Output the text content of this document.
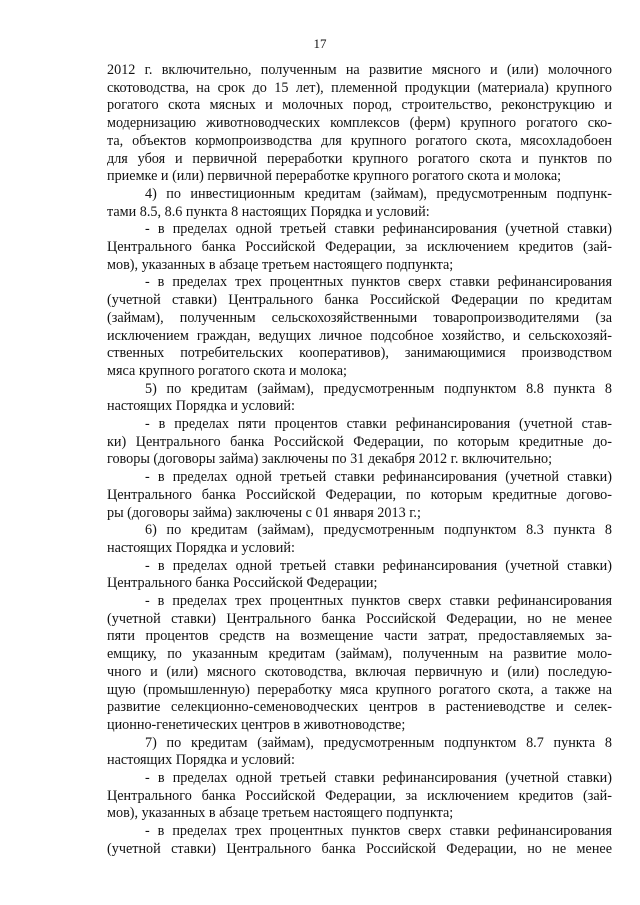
17
2012 г. включительно, полученным на развитие мясного и (или) молочного
скотоводства, на срок до 15 лет), племенной продукции (материала) крупного
рогатого скота мясных и молочных пород, строительство, реконструкцию и
модернизацию животноводческих комплексов (ферм) крупного рогатого ско-
та, объектов кормопроизводства для крупного рогатого скота, мясохладобоен
для убоя и первичной переработки крупного рогатого скота и пунктов по
приемке и (или) первичной переработке крупного рогатого скота и молока;
4) по инвестиционным кредитам (займам), предусмотренным подпунк-
тами 8.5, 8.6 пункта 8 настоящих Порядка и условий:
- в пределах одной третьей ставки рефинансирования (учетной ставки)
Центрального банка Российской Федерации, за исключением кредитов (зай-
мов), указанных в абзаце третьем настоящего подпункта;
- в пределах трех процентных пунктов сверх ставки рефинансирования
(учетной ставки) Центрального банка Российской Федерации по кредитам
(займам), полученным сельскохозяйственными товаропроизводителями (за
исключением граждан, ведущих личное подсобное хозяйство, и сельскохозяй-
ственных потребительских кооперативов), занимающимися производством
мяса крупного рогатого скота и молока;
5) по кредитам (займам), предусмотренным подпунктом 8.8 пункта 8
настоящих Порядка и условий:
- в пределах пяти процентов ставки рефинансирования (учетной став-
ки) Центрального банка Российской Федерации, по которым кредитные до-
говоры (договоры займа) заключены по 31 декабря 2012 г. включительно;
- в пределах одной третьей ставки рефинансирования (учетной ставки)
Центрального банка Российской Федерации, по которым кредитные догово-
ры (договоры займа) заключены с 01 января 2013 г.;
6) по кредитам (займам), предусмотренным подпунктом 8.3 пункта 8
настоящих Порядка и условий:
- в пределах одной третьей ставки рефинансирования (учетной ставки)
Центрального банка Российской Федерации;
- в пределах трех процентных пунктов сверх ставки рефинансирования
(учетной ставки) Центрального банка Российской Федерации, но не менее
пяти процентов средств на возмещение части затрат, предоставляемых за-
емщику, по указанным кредитам (займам), полученным на развитие моло-
чного и (или) мясного скотоводства, включая первичную и (или) последую-
щую (промышленную) переработку мяса крупного рогатого скота, а также на
развитие селекционно-семеноводческих центров в растениеводстве и селек-
ционно-генетических центров в животноводстве;
7) по кредитам (займам), предусмотренным подпунктом 8.7 пункта 8
настоящих Порядка и условий:
- в пределах одной третьей ставки рефинансирования (учетной ставки)
Центрального банка Российской Федерации, за исключением кредитов (зай-
мов), указанных в абзаце третьем настоящего подпункта;
- в пределах трех процентных пунктов сверх ставки рефинансирования
(учетной ставки) Центрального банка Российской Федерации, но не менее
